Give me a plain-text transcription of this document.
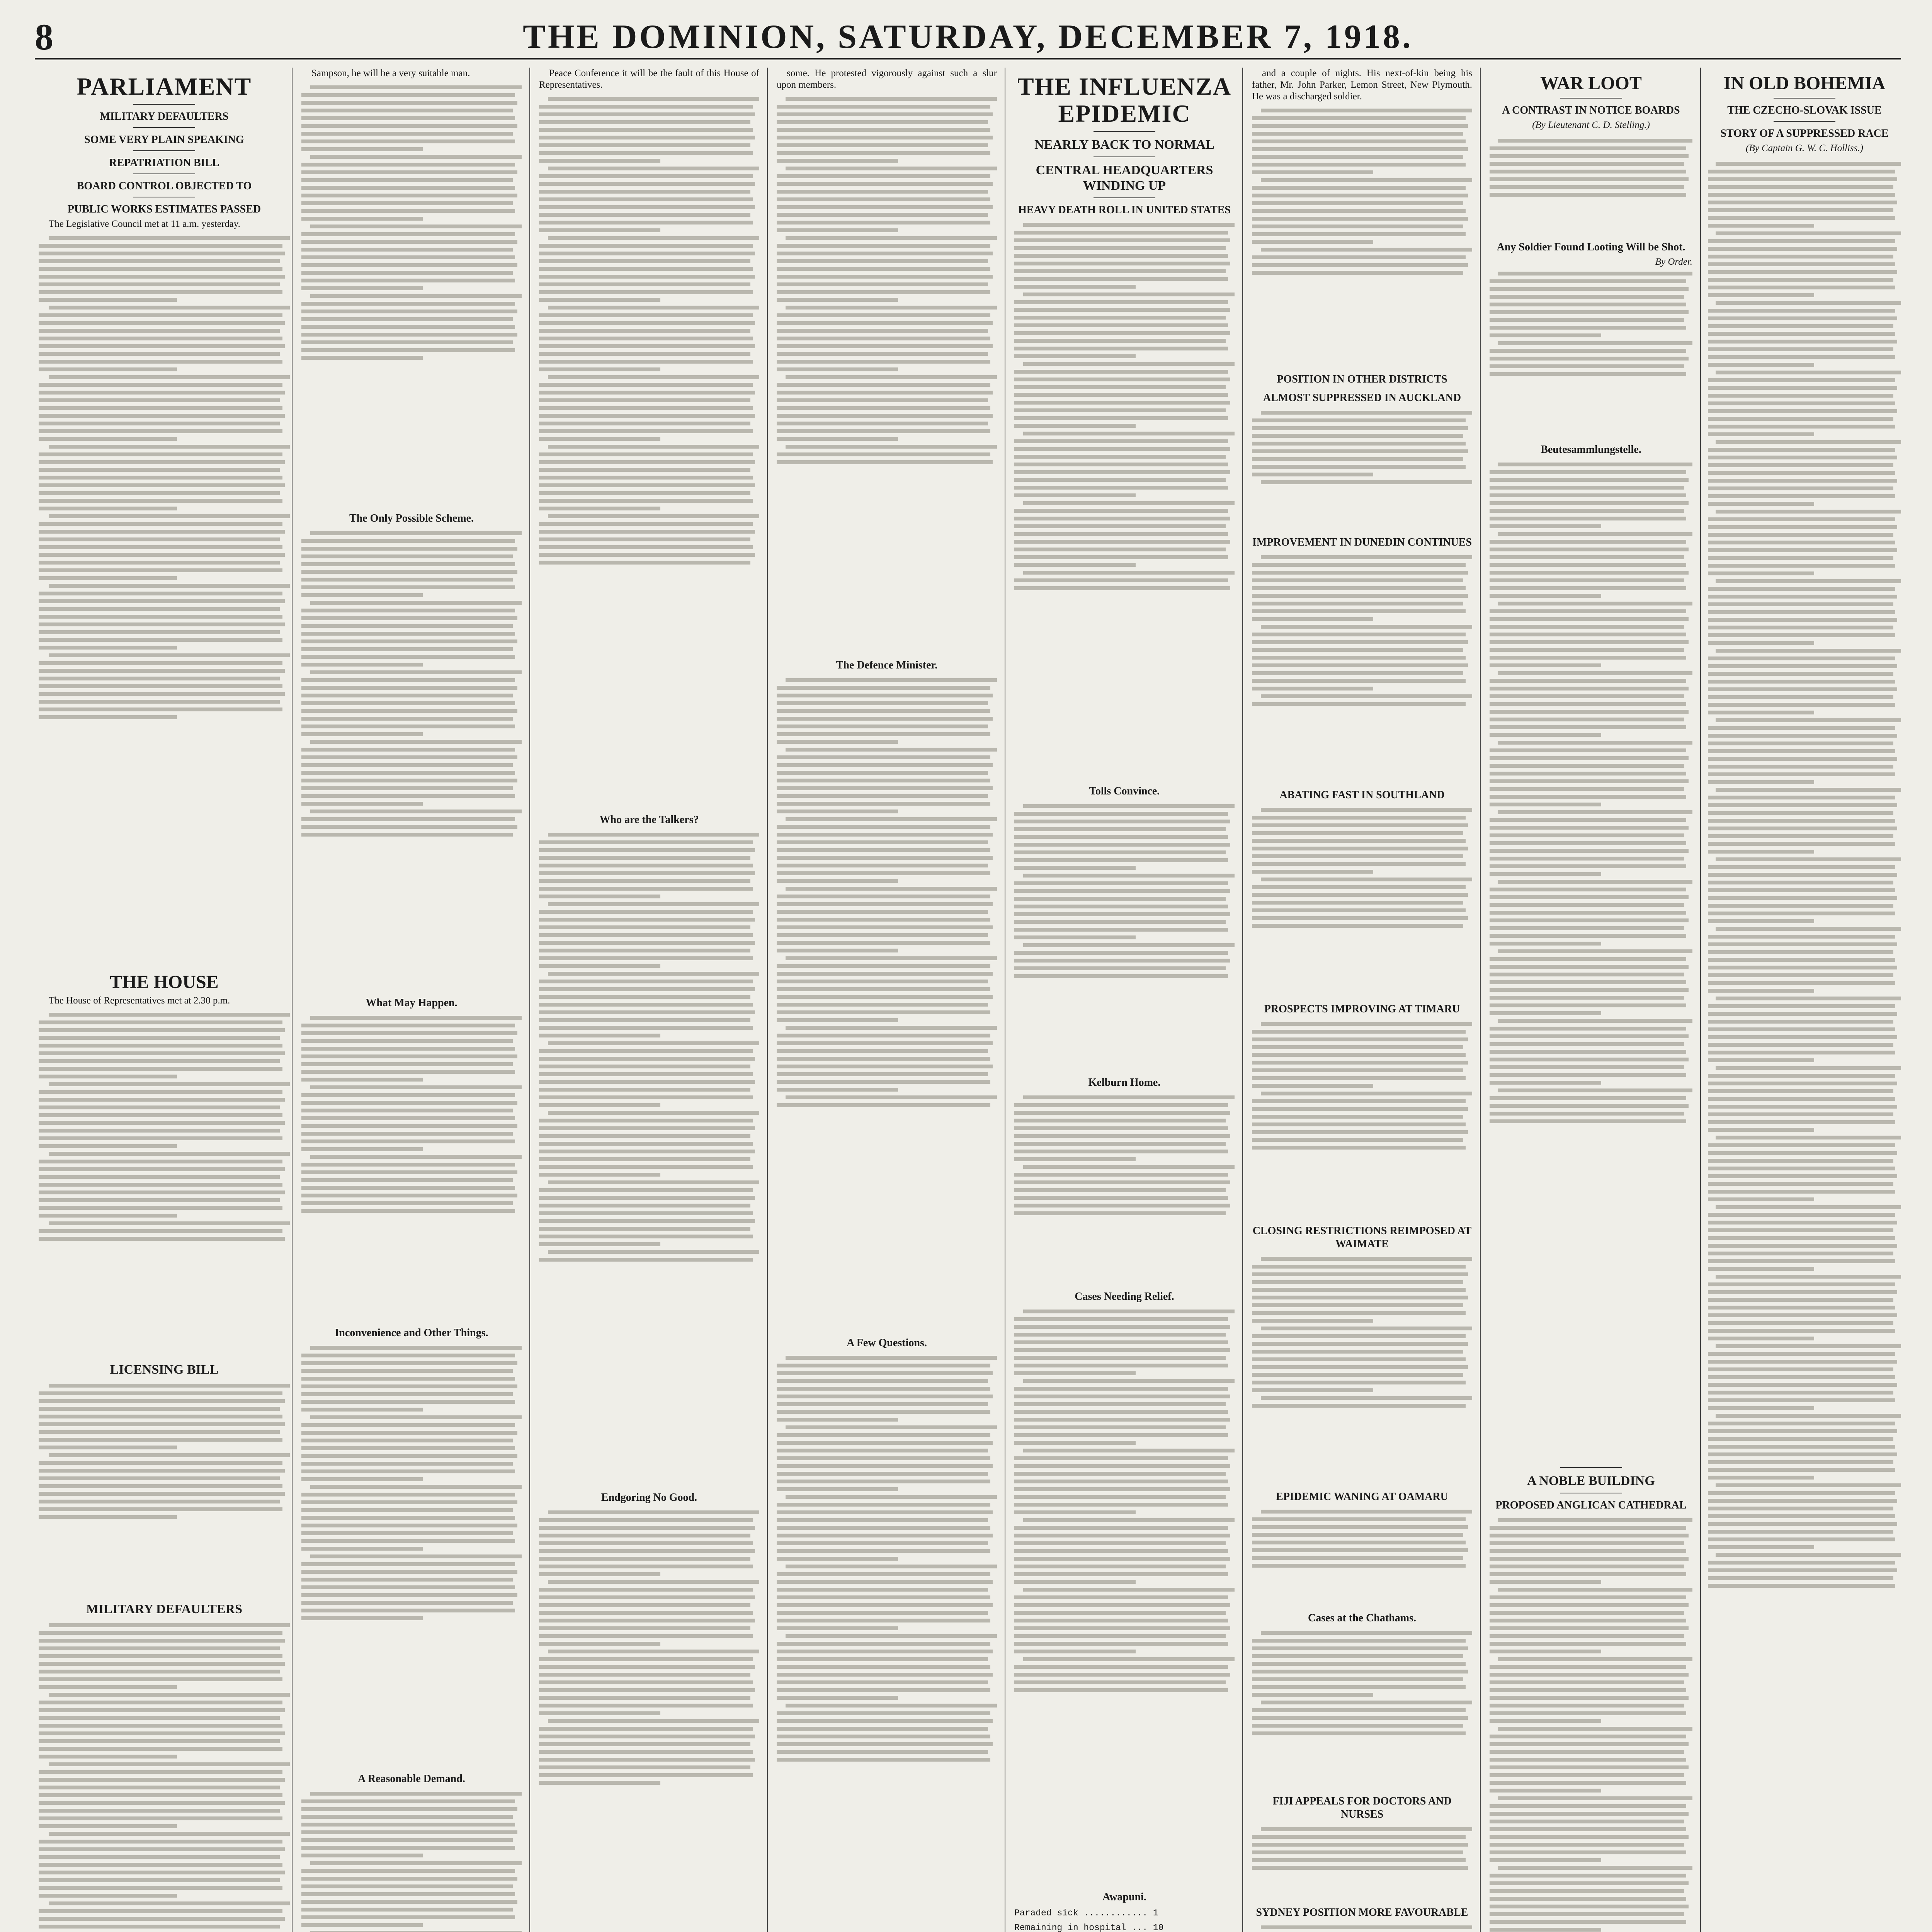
8	THE DOMINION, SATURDAY, DECEMBER 7, 1918.
PARLIAMENT
MILITARY DEFAULTERS
SOME VERY PLAIN SPEAKING
REPATRIATION BILL
BOARD CONTROL OBJECTED TO
PUBLIC WORKS ESTIMATES PASSED

The Legislative Council met at 11 a.m. yesterday.

THE HOUSE

The House of Representatives met at 2.30 p.m.

LICENSING BILL
MILITARY DEFAULTERS

Sampson, he will be a very suitable man.

The Only Possible Scheme.
What May Happen.
Inconvenience and Other Things.
A Reasonable Demand.

Peace Conference it will be the fault of this House of Representatives.

Who are the Talkers?
Endgoring No Good.

some. He protested vigorously against such a slur upon members.

The Defence Minister.
A Few Questions.
THE INFLUENZA EPIDEMIC
NEARLY BACK TO NORMAL
CENTRAL HEADQUARTERS WINDING UP
HEAVY DEATH ROLL IN UNITED STATES
Tolls Convince.
Kelburn Home.
Cases Needing Relief.
Awapuni.
Paraded sick ............ 1
Remaining in hospital ... 10

and a couple of nights. His next-of-kin being his father, Mr. John Parker, Lemon Street, New Plymouth. He was a discharged soldier.

POSITION IN OTHER DISTRICTS
ALMOST SUPPRESSED IN AUCKLAND
IMPROVEMENT IN DUNEDIN CONTINUES
ABATING FAST IN SOUTHLAND
PROSPECTS IMPROVING AT TIMARU
CLOSING RESTRICTIONS REIMPOSED AT WAIMATE
EPIDEMIC WANING AT OAMARU
Cases at the Chathams.
FIJI APPEALS FOR DOCTORS AND NURSES
SYDNEY POSITION MORE FAVOURABLE
WAR LOOT
A CONTRAST IN NOTICE BOARDS
(By Lieutenant C. D. Stelling.)
Any Soldier Found Looting Will be Shot.
By Order.
Beutesammlungstelle.
A NOBLE BUILDING
PROPOSED ANGLICAN CATHEDRAL
IN OLD BOHEMIA
THE CZECHO-SLOVAK ISSUE
STORY OF A SUPPRESSED RACE
(By Captain G. W. C. Holliss.)
